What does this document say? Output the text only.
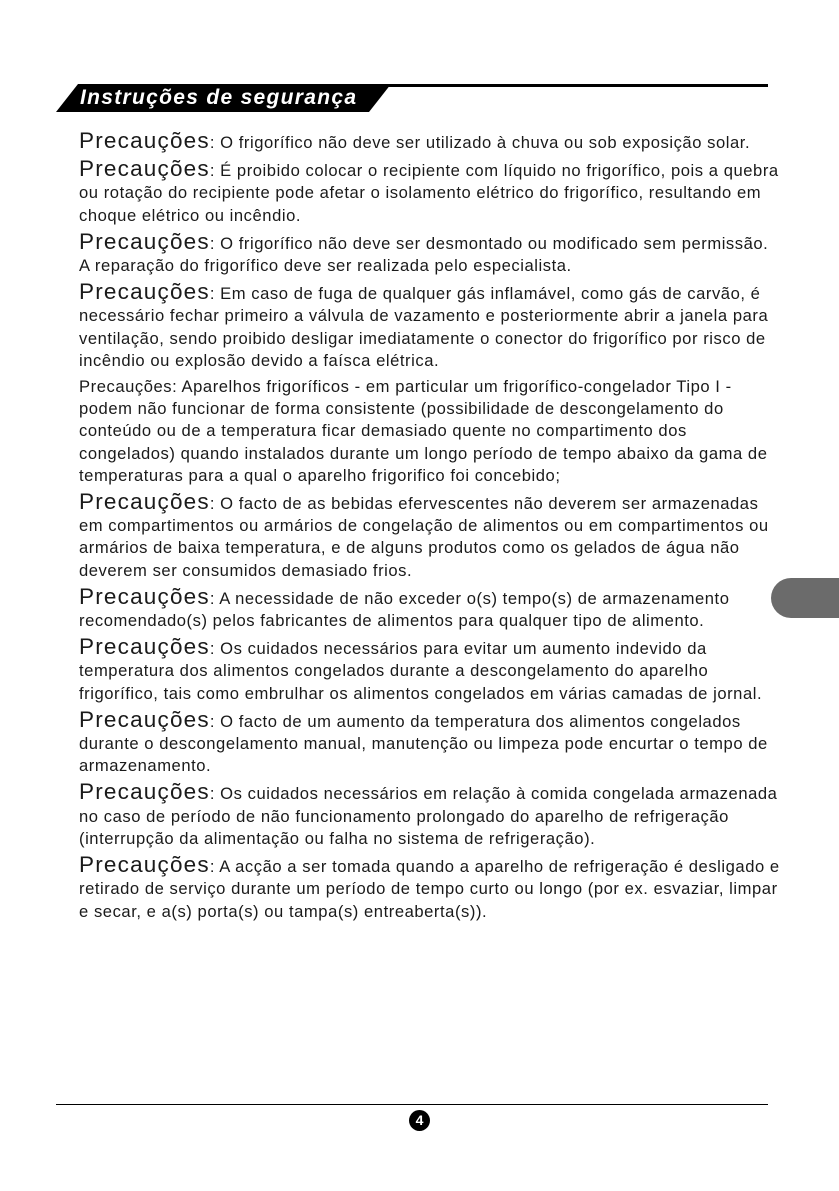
Instruções de segurança

Precauções: O frigorífico não deve ser utilizado à chuva ou sob exposição solar.

Precauções: É proibido colocar o recipiente com líquido no frigorífico, pois a quebra ou rotação do recipiente pode afetar o isolamento elétrico do frigorífico, resultando em choque elétrico ou incêndio.

Precauções: O frigorífico não deve ser desmontado ou modificado sem permissão. A reparação do frigorífico deve ser realizada pelo especialista.

Precauções: Em caso de fuga de qualquer gás inflamável, como gás de carvão, é necessário fechar primeiro a válvula de vazamento e posteriormente abrir a janela para ventilação, sendo proibido desligar imediatamente o conector do frigorífico por risco de incêndio ou explosão devido a faísca elétrica.

Precauções: Aparelhos frigoríficos - em particular um frigorífico-congelador Tipo I - podem não funcionar de forma consistente (possibilidade de descongelamento do conteúdo ou de a temperatura ficar demasiado quente no compartimento dos congelados) quando instalados durante um longo período de tempo abaixo da gama de temperaturas para a qual o aparelho frigorifico foi concebido;

Precauções: O facto de as bebidas efervescentes não deverem ser armazenadas em compartimentos ou armários de congelação de alimentos ou em compartimentos ou armários de baixa temperatura, e de alguns produtos como os gelados de água não deverem ser consumidos demasiado frios.

Precauções: A necessidade de não exceder o(s) tempo(s) de armazenamento recomendado(s) pelos fabricantes de alimentos para qualquer tipo de alimento.

Precauções: Os cuidados necessários para evitar um aumento indevido da temperatura dos alimentos congelados durante a descongelamento do aparelho frigorífico, tais como embrulhar os alimentos congelados em várias camadas de jornal.

Precauções: O facto de um aumento da temperatura dos alimentos congelados durante o descongelamento manual, manutenção ou limpeza pode encurtar o tempo de armazenamento.

Precauções: Os cuidados necessários em relação à comida congelada armazenada no caso de período de não funcionamento prolongado do aparelho de refrigeração (interrupção da alimentação ou falha no sistema de refrigeração).

Precauções: A acção a ser tomada quando a aparelho de refrigeração é desligado e retirado de serviço durante um período de tempo curto ou longo (por ex. esvaziar, limpar e secar, e a(s) porta(s) ou tampa(s) entreaberta(s)).

4
